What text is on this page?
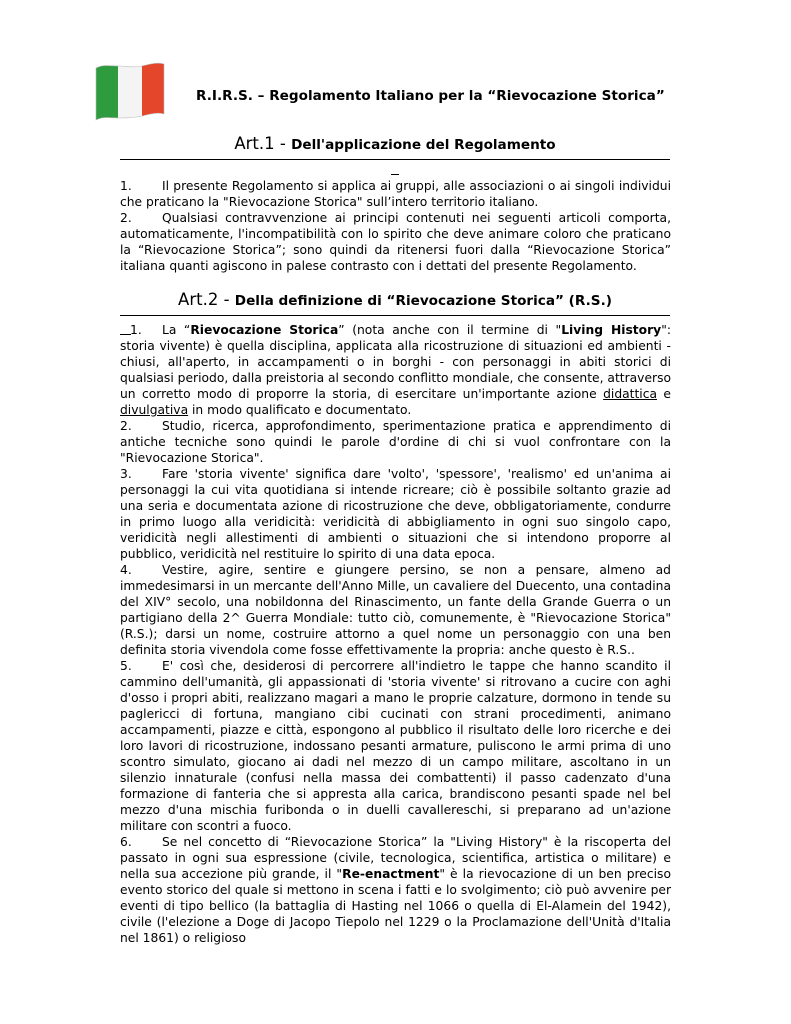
R.I.R.S. – Regolamento Italiano per la “Rievocazione Storica”
Art.1 - Dell'applicazione del Regolamento

1. Il presente Regolamento si applica ai gruppi, alle associazioni o ai singoli individui che praticano la "Rievocazione Storica" sull’intero territorio italiano.

2. Qualsiasi contravvenzione ai principi contenuti nei seguenti articoli comporta, automaticamente, l'incompatibilità con lo spirito che deve animare coloro che praticano la “Rievocazione Storica”; sono quindi da ritenersi fuori dalla “Rievocazione Storica” italiana quanti agiscono in palese contrasto con i dettati del presente Regolamento.

Art.2 - Della definizione di “Rievocazione Storica” (R.S.)

1. La “Rievocazione Storica” (nota anche con il termine di "Living History": storia vivente) è quella disciplina, applicata alla ricostruzione di situazioni ed ambienti - chiusi, all'aperto, in accampamenti o in borghi - con personaggi in abiti storici di qualsiasi periodo, dalla preistoria al secondo conflitto mondiale, che consente, attraverso un corretto modo di proporre la storia, di esercitare un'importante azione didattica e divulgativa in modo qualificato e documentato.

2. Studio, ricerca, approfondimento, sperimentazione pratica e apprendimento di antiche tecniche sono quindi le parole d'ordine di chi si vuol confrontare con la "Rievocazione Storica".

3. Fare 'storia vivente' significa dare 'volto', 'spessore', 'realismo' ed un'anima ai personaggi la cui vita quotidiana si intende ricreare; ciò è possibile soltanto grazie ad una seria e documentata azione di ricostruzione che deve, obbligatoriamente, condurre in primo luogo alla veridicità: veridicità di abbigliamento in ogni suo singolo capo, veridicità negli allestimenti di ambienti o situazioni che si intendono proporre al pubblico, veridicità nel restituire lo spirito di una data epoca.

4. Vestire, agire, sentire e giungere persino, se non a pensare, almeno ad immedesimarsi in un mercante dell'Anno Mille, un cavaliere del Duecento, una contadina del XIV° secolo, una nobildonna del Rinascimento, un fante della Grande Guerra o un partigiano della 2^ Guerra Mondiale: tutto ciò, comunemente, è "Rievocazione Storica" (R.S.); darsi un nome, costruire attorno a quel nome un personaggio con una ben definita storia vivendola come fosse effettivamente la propria: anche questo è R.S..

5. E' così che, desiderosi di percorrere all'indietro le tappe che hanno scandito il cammino dell'umanità, gli appassionati di 'storia vivente' si ritrovano a cucire con aghi d'osso i propri abiti, realizzano magari a mano le proprie calzature, dormono in tende su paglericci di fortuna, mangiano cibi cucinati con strani procedimenti, animano accampamenti, piazze e città, espongono al pubblico il risultato delle loro ricerche e dei loro lavori di ricostruzione, indossano pesanti armature, puliscono le armi prima di uno scontro simulato, giocano ai dadi nel mezzo di un campo militare, ascoltano in un silenzio innaturale (confusi nella massa dei combattenti) il passo cadenzato d'una formazione di fanteria che si appresta alla carica, brandiscono pesanti spade nel bel mezzo d'una mischia furibonda o in duelli cavallereschi, si preparano ad un'azione militare con scontri a fuoco.

6. Se nel concetto di “Rievocazione Storica” la "Living History" è la riscoperta del passato in ogni sua espressione (civile, tecnologica, scientifica, artistica o militare) e nella sua accezione più grande, il "Re-enactment" è la rievocazione di un ben preciso evento storico del quale si mettono in scena i fatti e lo svolgimento; ciò può avvenire per eventi di tipo bellico (la battaglia di Hasting nel 1066 o quella di El-Alamein del 1942), civile (l'elezione a Doge di Jacopo Tiepolo nel 1229 o la Proclamazione dell'Unità d'Italia nel 1861) o religioso
